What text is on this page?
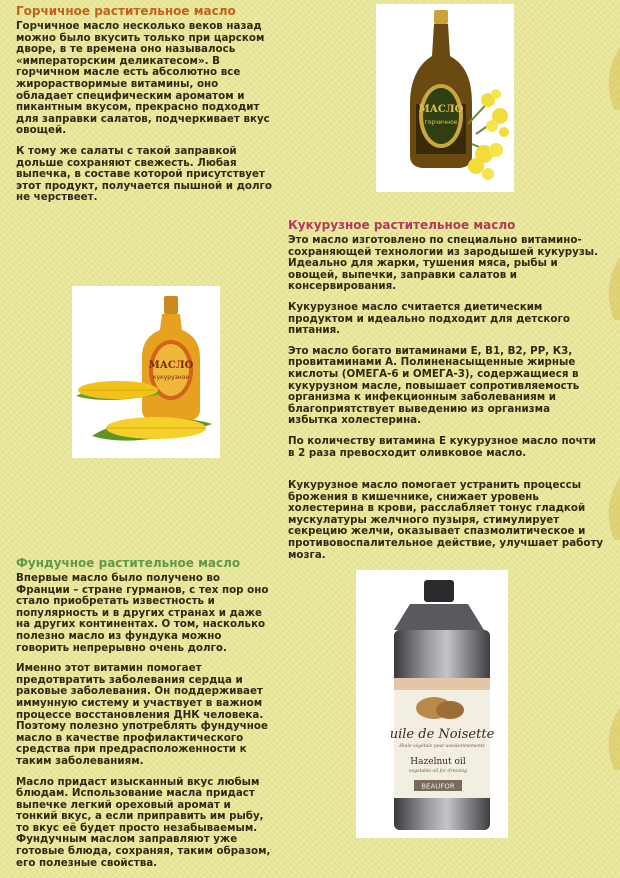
Горчичное растительное масло

Горчичное масло несколько веков назад
можно было вкусить только при царском
дворе, в те времена оно называлось
«императорским деликатесом». В
горчичном масле есть абсолютно все
жирорастворимые витамины, оно
обладает специфическим ароматом и
пикантным вкусом, прекрасно подходит
для заправки салатов, подчеркивает вкус
овощей.

К тому же салаты с такой заправкой
дольше сохраняют свежесть. Любая
выпечка, в составе которой присутствует
этот продукт, получается пышной и долго
не черствеет.

МАСЛО
горчичное
Кукурузное растительное масло

Это масло изготовлено по специально витамино-
сохраняющей технологии из зародышей кукурузы.
Идеально для жарки, тушения мяса, рыбы и
овощей, выпечки, заправки салатов и
консервирования.

Кукурузное масло считается диетическим
продуктом и идеально подходит для детского
питания.

Это масло богато витаминами Е, В1, В2, РР, К3,
провитаминами А. Полиненасыщенные жирные
кислоты (ОМЕГА-6 и ОМЕГА-3), содержащиеся в
кукурузном масле, повышает сопротивляемость
организма к инфекционным заболеваниям и
благоприятствует выведению из организма
избытка холестерина.

По количеству витамина Е кукурузное масло почти
в 2 раза превосходит оливковое масло.

Кукурузное масло помогает устранить процессы
брожения в кишечнике, снижает уровень
холестерина в крови, расслабляет тонус гладкой
мускулатуры желчного пузыря, стимулирует
секрецию желчи, оказывает спазмолитическое и
противовоспалительное действие, улучшает работу
мозга.

МАСЛО
кукурузное
Фундучное растительное масло

Впервые масло было получено во
Франции – стране гурманов, с тех пор оно
стало приобретать известность и
популярность и в других странах и даже
на других континентах. О том, насколько
полезно масло из фундука можно
говорить непрерывно очень долго.

Именно этот витамин помогает
предотвратить заболевания сердца и
раковые заболевания. Он поддерживает
иммунную систему и участвует в важном
процессе восстановления ДНК человека.
Поэтому полезно употреблять фундучное
масло в качестве профилактического
средства при предрасположенности к
таким заболеваниям.

Масло придаст изысканный вкус любым
блюдам. Использование масла придаст
выпечке легкий ореховый аромат и
тонкий вкус, а если приправить им рыбу,
то вкус её будет просто незабываемым.
Фундучным маслом заправляют уже
готовые блюда, сохраняя, таким образом,
его полезные свойства.

uile de Noisette
Huile végétale pour assaisonnements
Hazelnut oil
vegetable oil for dressing
BEAUFOR
